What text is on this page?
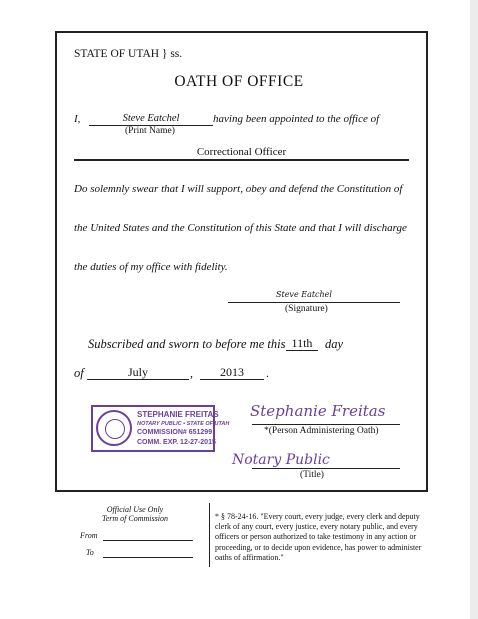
STATE OF UTAH } ss.
OATH OF OFFICE
I,	Steve Eatchel	having been appointed to the office of
(Print Name)
Correctional Officer
Do solemnly swear that I will support, obey and defend the Constitution of
the United States and the Constitution of this State and that I will discharge
the duties of my office with fidelity.
Steve Eatchel
(Signature)
Subscribed and sworn to before me this 11th	day
of	July	,	2013	.
STEPHANIE FREITAS
NOTARY PUBLIC • STATE OF UTAH
COMMISSION# 651299
COMM. EXP. 12-27-2015
Stephanie Freitas
*(Person Administering Oath)
Notary Public
(Title)
Official Use Only
Term of Commission
From
To
* § 78-24-16. "Every court, every judge, every clerk and deputy clerk of any court, every justice, every notary public, and every officers or person authorized to take testimony in any action or proceeding, or to decide upon evidence, has power to administer oaths of affirmation."
